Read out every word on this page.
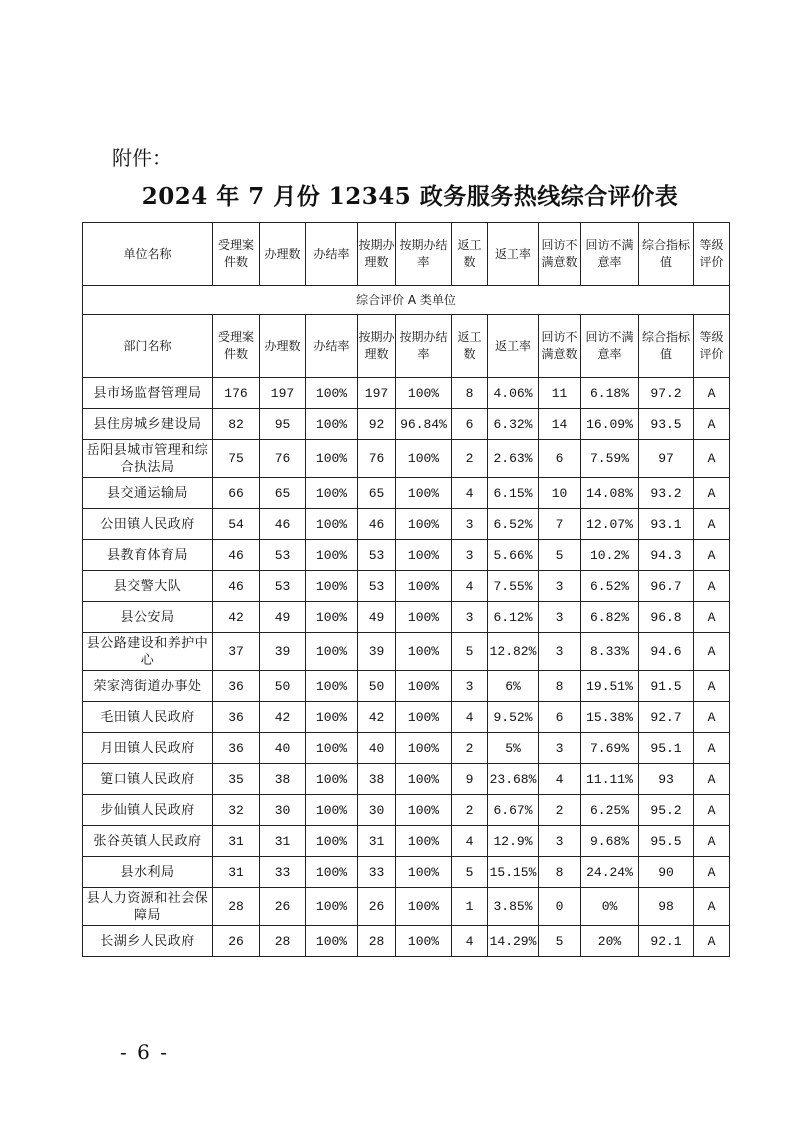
附件：
2024 年 7 月份 12345 政务服务热线综合评价表
单位名称	受理案件数	办理数	办结率	按期办理数	按期办结率	返工数	返工率	回访不满意数	回访不满意率	综合指标值	等级评价
综合评价 A 类单位											
部门名称	受理案件数	办理数	办结率	按期办理数	按期办结率	返工数	返工率	回访不满意数	回访不满意率	综合指标值	等级评价
县市场监督管理局	176	197	100%	197	100%	8	4.06%	11	6.18%	97.2	A
县住房城乡建设局	82	95	100%	92	96.84%	6	6.32%	14	16.09%	93.5	A
岳阳县城市管理和综合执法局	75	76	100%	76	100%	2	2.63%	6	7.59%	97	A
县交通运输局	66	65	100%	65	100%	4	6.15%	10	14.08%	93.2	A
公田镇人民政府	54	46	100%	46	100%	3	6.52%	7	12.07%	93.1	A
县教育体育局	46	53	100%	53	100%	3	5.66%	5	10.2%	94.3	A
县交警大队	46	53	100%	53	100%	4	7.55%	3	6.52%	96.7	A
县公安局	42	49	100%	49	100%	3	6.12%	3	6.82%	96.8	A
县公路建设和养护中心	37	39	100%	39	100%	5	12.82%	3	8.33%	94.6	A
荣家湾街道办事处	36	50	100%	50	100%	3	6%	8	19.51%	91.5	A
毛田镇人民政府	36	42	100%	42	100%	4	9.52%	6	15.38%	92.7	A
月田镇人民政府	36	40	100%	40	100%	2	5%	3	7.69%	95.1	A
筻口镇人民政府	35	38	100%	38	100%	9	23.68%	4	11.11%	93	A
步仙镇人民政府	32	30	100%	30	100%	2	6.67%	2	6.25%	95.2	A
张谷英镇人民政府	31	31	100%	31	100%	4	12.9%	3	9.68%	95.5	A
县水利局	31	33	100%	33	100%	5	15.15%	8	24.24%	90	A
县人力资源和社会保障局	28	26	100%	26	100%	1	3.85%	0	0%	98	A
长湖乡人民政府	26	28	100%	28	100%	4	14.29%	5	20%	92.1	A
- 6 -
